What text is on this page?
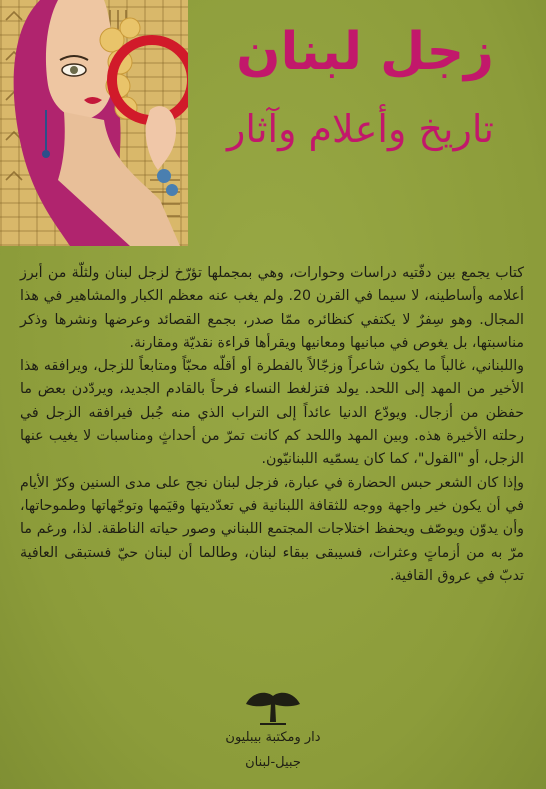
زجل لبنان
تاريخ وأعلام وآثار

كتاب يجمع بين دفّتيه دراسات وحوارات، وهي بمجملها تؤرّخ لزجل لبنان ولثلّة من أبرز أعلامه وأساطينه، لا سيما في القرن 20. ولم يغب عنه معظم الكبار والمشاهير في هذا المجال. وهو سِفرٌ لا يكتفي كنظائره ممّا صدر، بجمع القصائد وعرضها ونشرها وذكر مناسبتها، بل يغوص في مبانيها ومعانيها ويقرأها قراءة نقديّة ومقارنة.

واللبناني، غالباً ما يكون شاعراً وزجّالاً بالفطرة أو أقلّه محبّاً ومتابعاً للزجل، ويرافقه هذا الأخير من المهد إلى اللحد. يولد فتزلغط النساء فرحاً بالقادم الجديد، ويردّدن بعض ما حفظن من أزجال. ويودّع الدنيا عائداً إلى التراب الذي منه جُبل فيرافقه الزجل في رحلته الأخيرة هذه. وبين المهد واللحد كم كانت تمرّ من أحداثٍ ومناسبات لا يغيب عنها الزجل، أو "القول"، كما كان يسمّيه اللبنانيّون.

وإذا كان الشعر حبس الحضارة في عبارة، فزجل لبنان نجح على مدى السنين وكرّ الأيام في أن يكون خير واجهة ووجه للثقافة اللبنانية في تعدّديتها وقيَمها وتوجّهاتها وطموحاتها، وأن يدوّن ويوصّف ويحفظ اختلاجات المجتمع اللبناني وصور حياته الناطقة. لذا، ورغم ما مرّ به من أزماتٍ وعثرات، فسيبقى ببقاء لبنان، وطالما أن لبنان حيّ فستبقى العافية تدبّ في عروق القافية.

دار ومكتبة بيبليون
جبيل-لبنان
